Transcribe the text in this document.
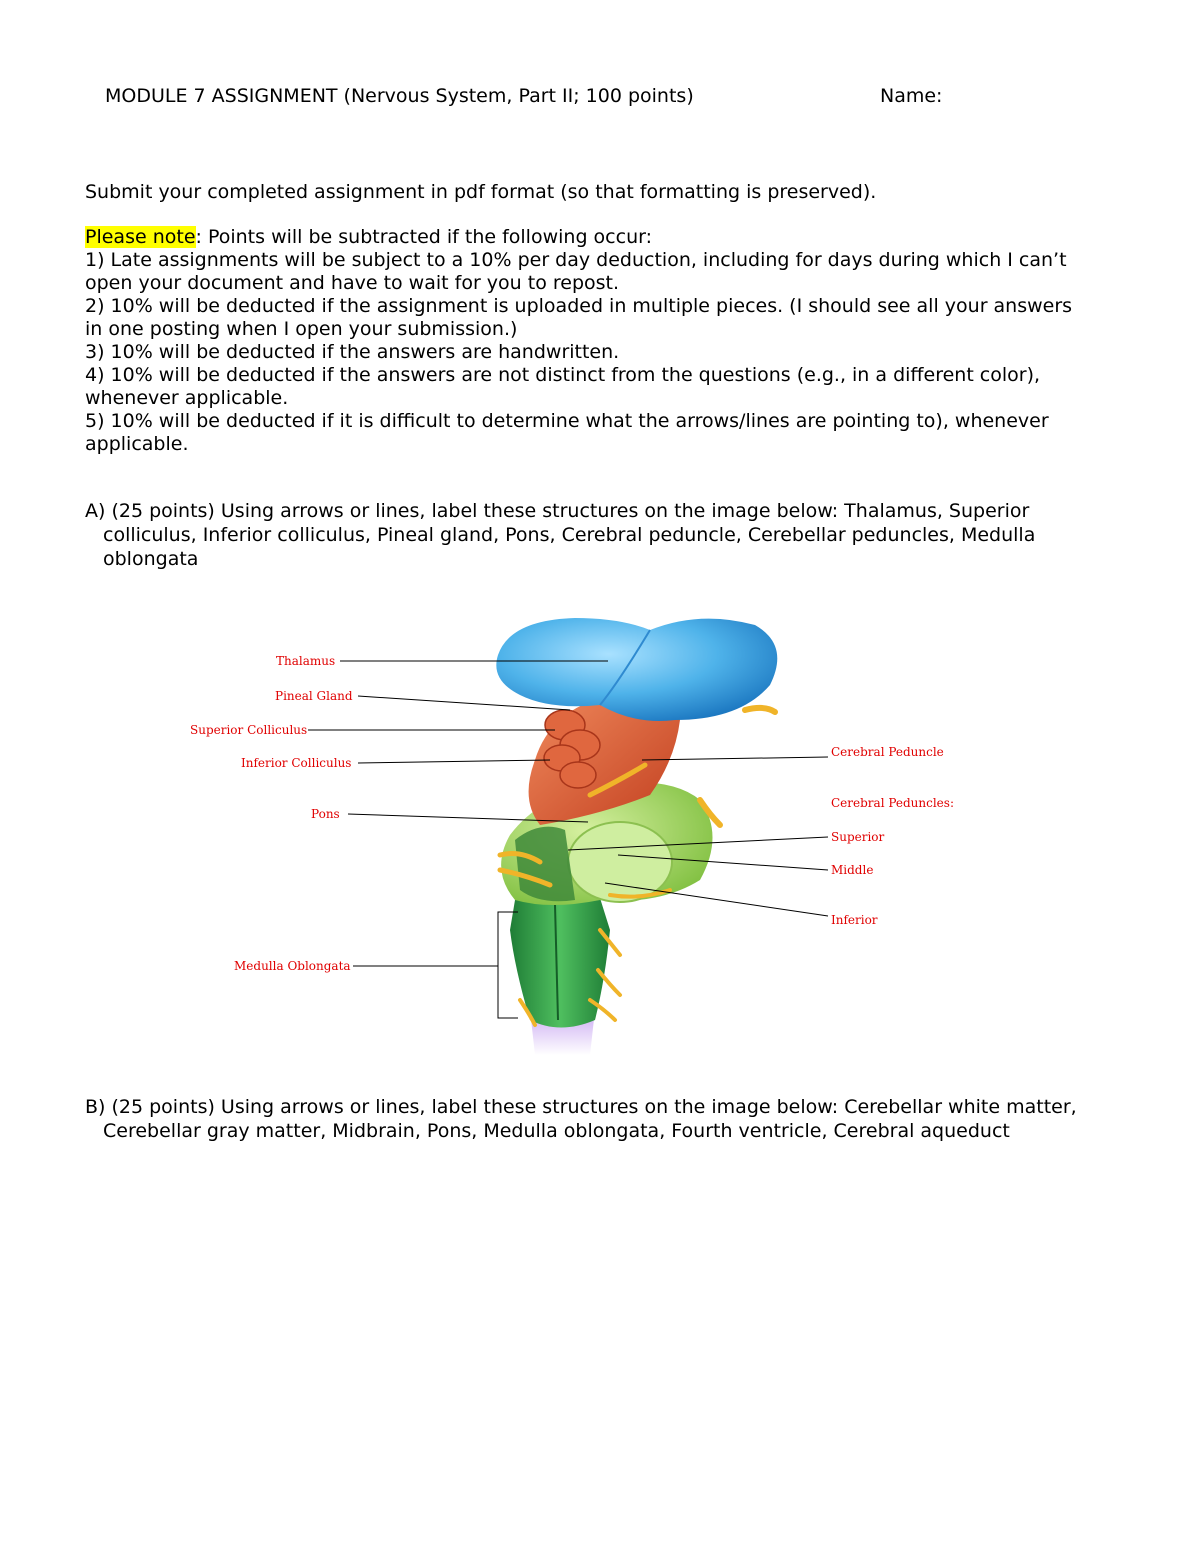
MODULE 7 ASSIGNMENT (Nervous System, Part II; 100 points)	Name:
Submit your completed assignment in pdf format (so that formatting is preserved).
Please note: Points will be subtracted if the following occur:
1) Late assignments will be subject to a 10% per day deduction, including for days during which I can’t
open your document and have to wait for you to repost.
2) 10% will be deducted if the assignment is uploaded in multiple pieces. (I should see all your answers
in one posting when I open your submission.)
3) 10% will be deducted if the answers are handwritten.
4) 10% will be deducted if the answers are not distinct from the questions (e.g., in a different color),
whenever applicable.
5) 10% will be deducted if it is difficult to determine what the arrows/lines are pointing to), whenever
applicable.
A) (25 points) Using arrows or lines, label these structures on the image below: Thalamus, Superior
colliculus, Inferior colliculus, Pineal gland, Pons, Cerebral peduncle, Cerebellar peduncles, Medulla
oblongata
Thalamus
Pineal Gland
Superior Colliculus
Inferior Colliculus
Pons
Medulla Oblongata
Cerebral Peduncle
Cerebral Peduncles:
Superior
Middle
Inferior
B) (25 points) Using arrows or lines, label these structures on the image below: Cerebellar white matter,
Cerebellar gray matter, Midbrain, Pons, Medulla oblongata, Fourth ventricle, Cerebral aqueduct
